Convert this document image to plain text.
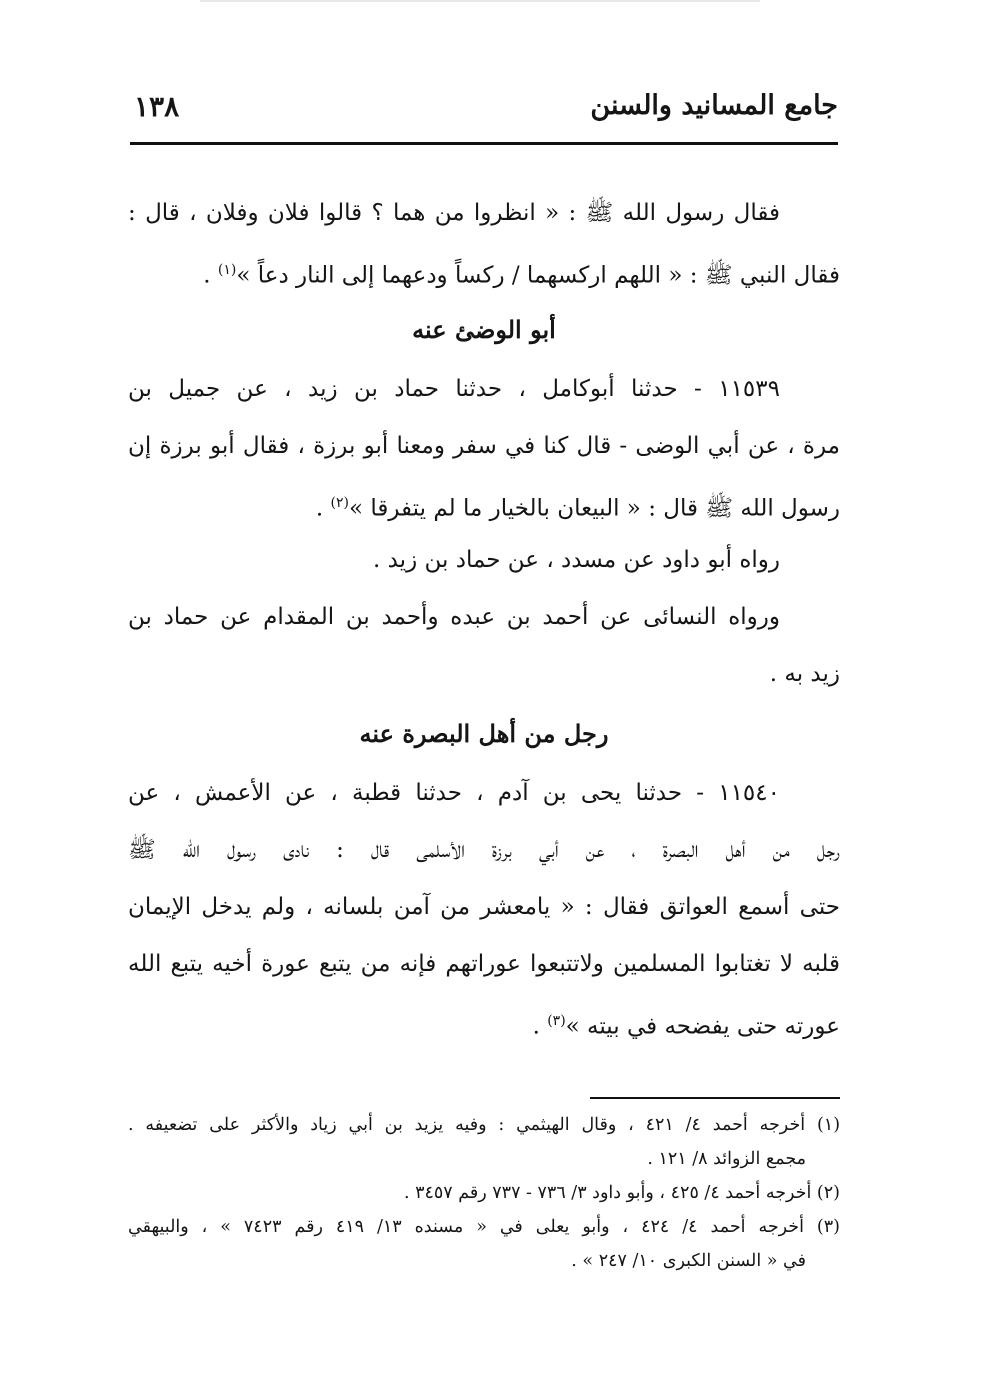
جامع المسانيد والسنن
١٣٨
فقال رسول الله ﷺ : « انظروا من هما ؟ قالوا فلان وفلان ، قال :
فقال النبي ﷺ : « اللهم اركسهما / ركساً ودعهما إلى النار دعاً »$^{(١)}$ .
أبو الوضئ عنه
١١٥٣٩ - حدثنا أبوكامل ، حدثنا حماد بن زيد ، عن جميل بن
مرة ، عن أبي الوضى - قال كنا في سفر ومعنا أبو برزة ، فقال أبو برزة إن
رسول الله ﷺ قال : « البيعان بالخيار ما لم يتفرقا »$^{(٢)}$ .
رواه أبو داود عن مسدد ، عن حماد بن زيد .
ورواه النسائى عن أحمد بن عبده وأحمد بن المقدام عن حماد بن
زيد به .
رجل من أهل البصرة عنه
١١٥٤٠ - حدثنا يحى بن آدم ، حدثنا قطبة ، عن الأعمش ، عن
رجل من أهل البصرة ، عن أبي برزة الأسلمى قال : نادى رسول الله ﷺ
حتى أسمع العواتق فقال : « يامعشر من آمن بلسانه ، ولم يدخل الإيمان
قلبه لا تغتابوا المسلمين ولاتتبعوا عوراتهم فإنه من يتبع عورة أخيه يتبع الله
عورته حتى يفضحه في بيته »$^{(٣)}$ .
(١) أخرجه أحمد ٤/ ٤٢١ ، وقال الهيثمي : وفيه يزيد بن أبي زياد والأكثر على تضعيفه .
مجمع الزوائد ٨/ ١٢١ .
(٢) أخرجه أحمد ٤/ ٤٢٥ ، وأبو داود ٣/ ٧٣٦ - ٧٣٧ رقم ٣٤٥٧ .
(٣) أخرجه أحمد ٤/ ٤٢٤ ، وأبو يعلى في « مسنده ١٣/ ٤١٩ رقم ٧٤٢٣ » ، والبيهقي
في « السنن الكبرى ١٠/ ٢٤٧ » .
